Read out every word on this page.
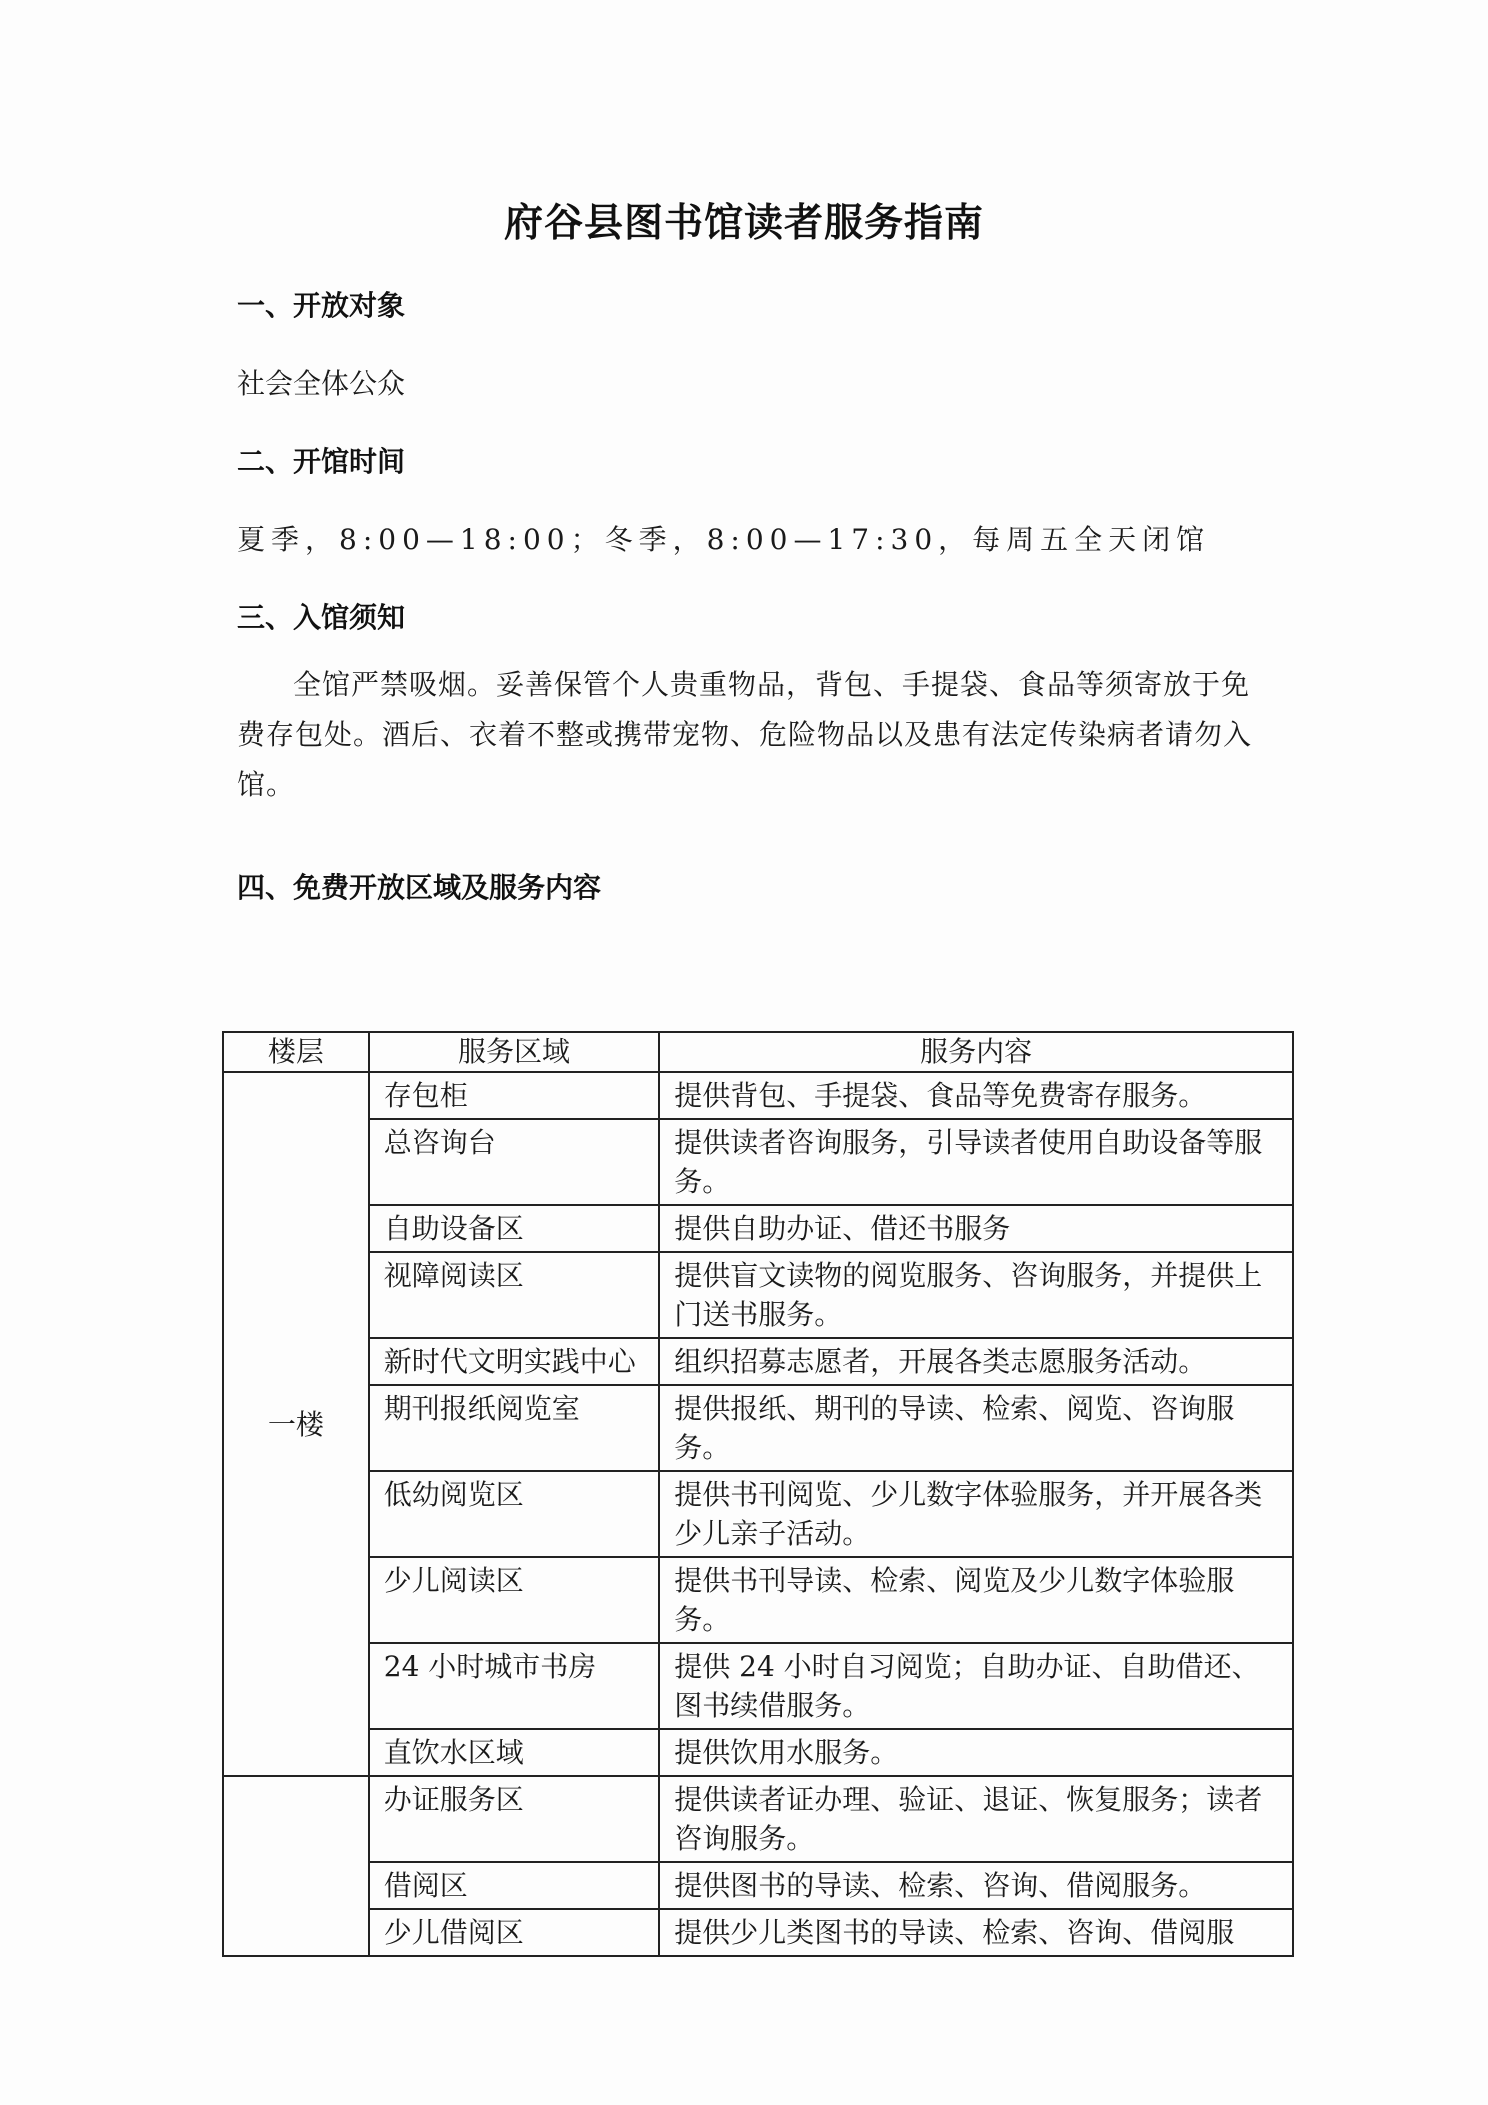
府谷县图书馆读者服务指南
一、开放对象
社会全体公众
二、开馆时间
夏季，8:00—18:00；冬季，8:00—17:30，每周五全天闭馆
三、入馆须知
全馆严禁吸烟。妥善保管个人贵重物品，背包、手提袋、食品等须寄放于免费存包处。酒后、衣着不整或携带宠物、危险物品以及患有法定传染病者请勿入馆。
四、免费开放区域及服务内容
楼层	服务区域	服务内容
一楼	存包柜	提供背包、手提袋、食品等免费寄存服务。
	总咨询台	提供读者咨询服务，引导读者使用自助设备等服务。
	自助设备区	提供自助办证、借还书服务
	视障阅读区	提供盲文读物的阅览服务、咨询服务，并提供上门送书服务。
	新时代文明实践中心	组织招募志愿者，开展各类志愿服务活动。
	期刊报纸阅览室	提供报纸、期刊的导读、检索、阅览、咨询服务。
	低幼阅览区	提供书刊阅览、少儿数字体验服务，并开展各类少儿亲子活动。
	少儿阅读区	提供书刊导读、检索、阅览及少儿数字体验服务。
	24 小时城市书房	提供 24 小时自习阅览；自助办证、自助借还、图书续借服务。
	直饮水区域	提供饮用水服务。
	办证服务区	提供读者证办理、验证、退证、恢复服务；读者咨询服务。
	借阅区	提供图书的导读、检索、咨询、借阅服务。
	少儿借阅区	提供少儿类图书的导读、检索、咨询、借阅服
